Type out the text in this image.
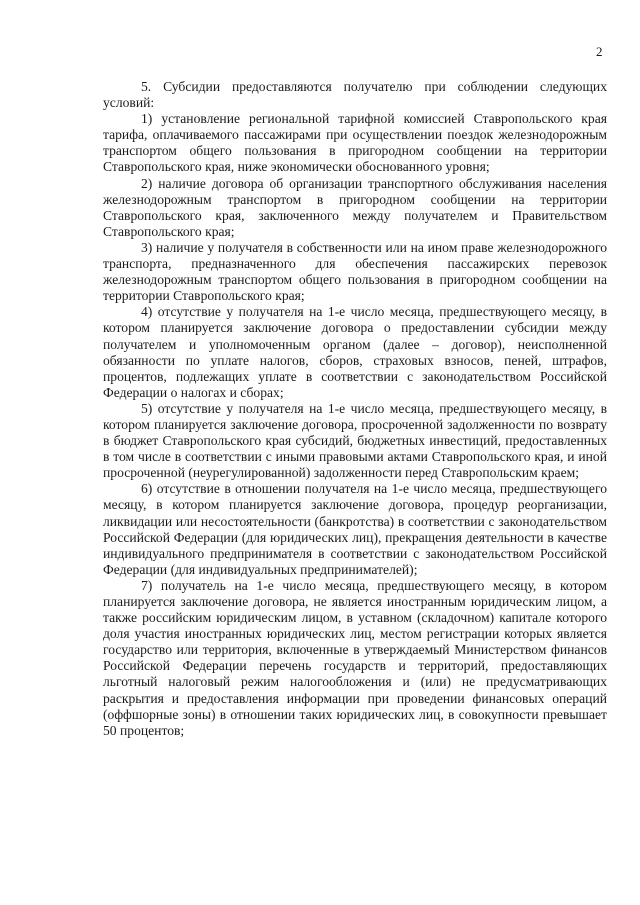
2

5. Субсидии предоставляются получателю при соблюдении следующих условий:

1) установление региональной тарифной комиссией Ставропольского края тарифа, оплачиваемого пассажирами при осуществлении поездок железнодорожным транспортом общего пользования в пригородном сообщении на территории Ставропольского края, ниже экономически обоснованного уровня;

2) наличие договора об организации транспортного обслуживания населения железнодорожным транспортом в пригородном сообщении на территории Ставропольского края, заключенного между получателем и Правительством Ставропольского края;

3) наличие у получателя в собственности или на ином праве железнодорожного транспорта, предназначенного для обеспечения пассажирских перевозок железнодорожным транспортом общего пользования в пригородном сообщении на территории Ставропольского края;

4) отсутствие у получателя на 1-е число месяца, предшествующего месяцу, в котором планируется заключение договора о предоставлении субсидии между получателем и уполномоченным органом (далее – договор), неисполненной обязанности по уплате налогов, сборов, страховых взносов, пеней, штрафов, процентов, подлежащих уплате в соответствии с законодательством Российской Федерации о налогах и сборах;

5) отсутствие у получателя на 1-е число месяца, предшествующего месяцу, в котором планируется заключение договора, просроченной задолженности по возврату в бюджет Ставропольского края субсидий, бюджетных инвестиций, предоставленных в том числе в соответствии с иными правовыми актами Ставропольского края, и иной просроченной (неурегулированной) задолженности перед Ставропольским краем;

6) отсутствие в отношении получателя на 1-е число месяца, предшествующего месяцу, в котором планируется заключение договора, процедур реорганизации, ликвидации или несостоятельности (банкротства) в соответствии с законодательством Российской Федерации (для юридических лиц), прекращения деятельности в качестве индивидуального предпринимателя в соответствии с законодательством Российской Федерации (для индивидуальных предпринимателей);

7) получатель на 1-е число месяца, предшествующего месяцу, в котором планируется заключение договора, не является иностранным юридическим лицом, а также российским юридическим лицом, в уставном (складочном) капитале которого доля участия иностранных юридических лиц, местом регистрации которых является государство или территория, включенные в утверждаемый Министерством финансов Российской Федерации перечень государств и территорий, предоставляющих льготный налоговый режим налогообложения и (или) не предусматривающих раскрытия и предоставления информации при проведении финансовых операций (оффшорные зоны) в отношении таких юридических лиц, в совокупности превышает 50 процентов;
